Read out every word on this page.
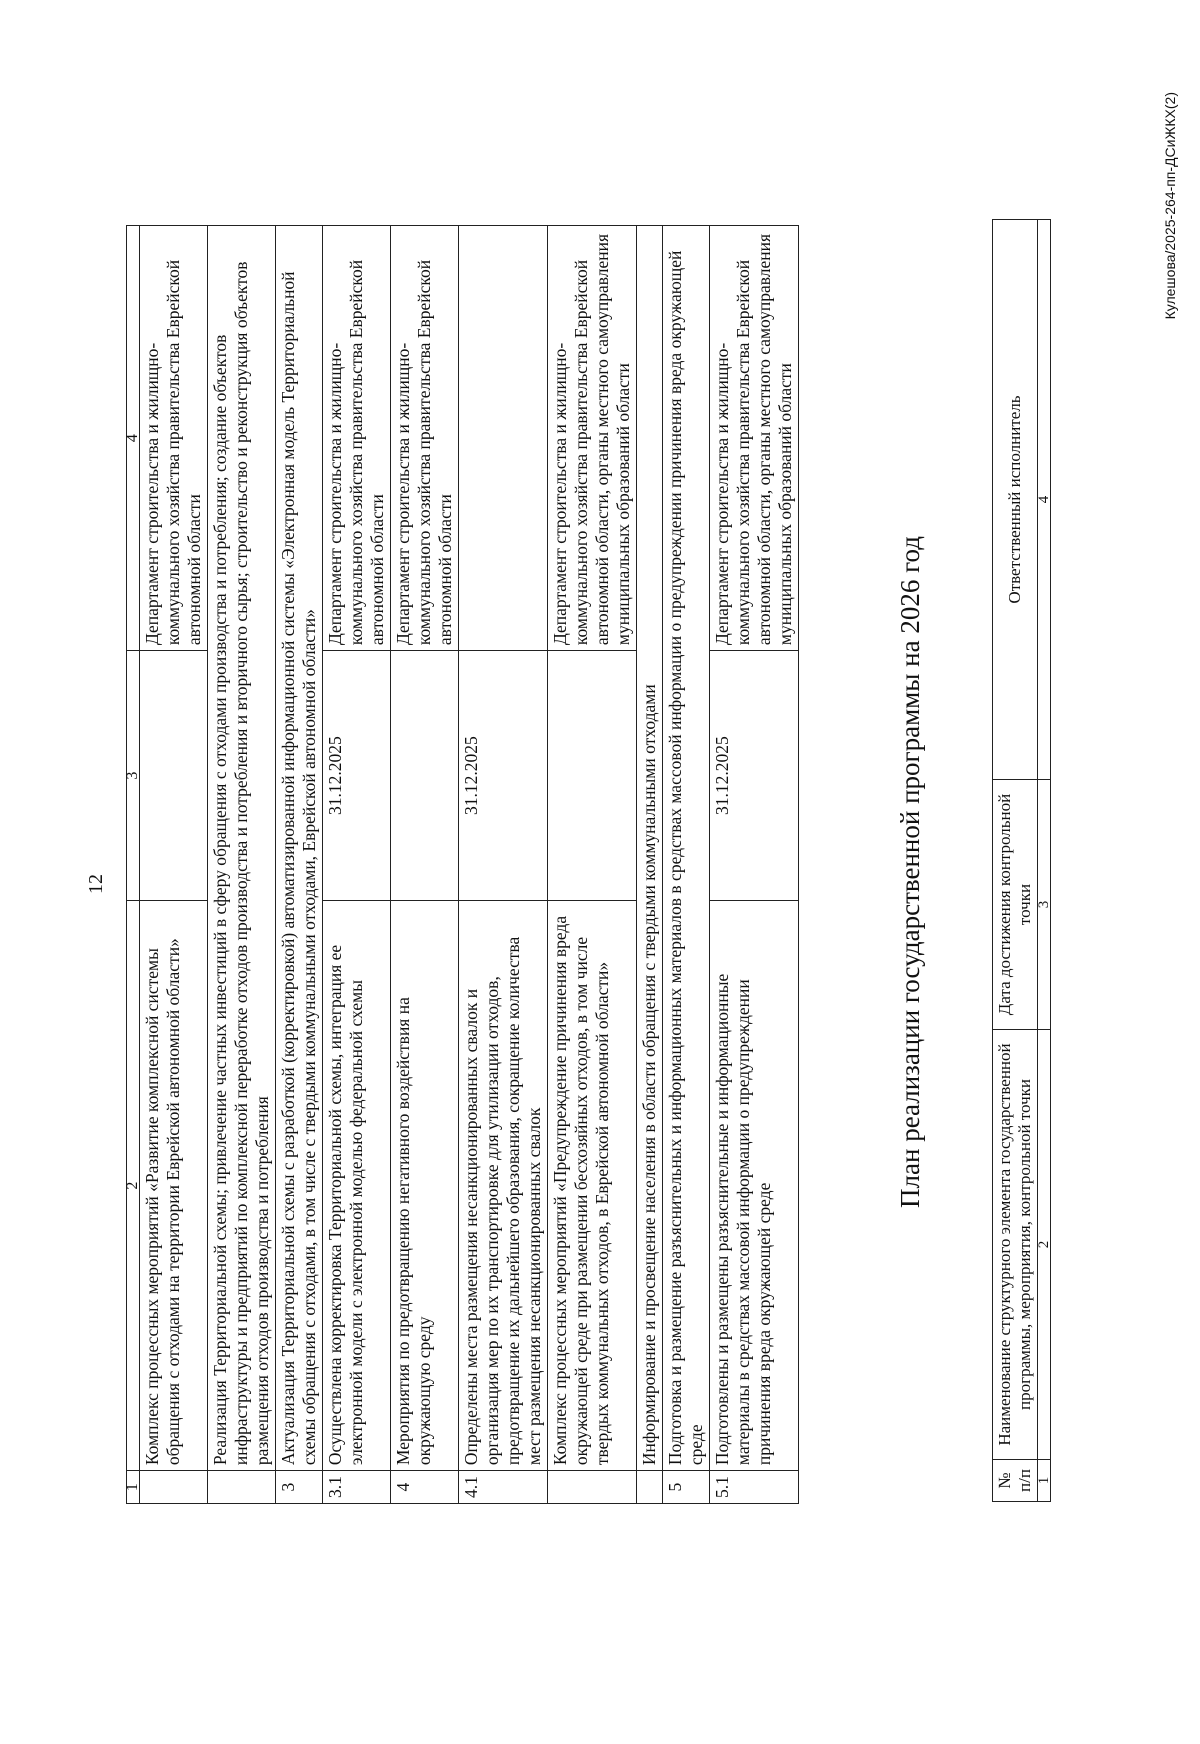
12
1	2	3	4
	Комплекс процессных мероприятий «Развитие комплексной системы обращения с отходами на территории Еврейской автономной области»		Департамент строительства и жилищно-коммунального хозяйства правительства Еврейской автономной области
	Реализация Территориальной схемы; привлечение частных инвестиций в сферу обращения с отходами производства и потребления; создание объектов инфраструктуры и предприятий по комплексной переработке отходов производства и потребления и вторичного сырья; строительство и реконструкция объектов размещения отходов производства и потребления		
3	Актуализация Территориальной схемы с разработкой (корректировкой) автоматизированной информационной системы «Электронная модель Территориальной схемы обращения с отходами, в том числе с твердыми коммунальными отходами, Еврейской автономной области»		
3.1	Осуществлена корректировка Территориальной схемы, интеграция ее электронной модели с электронной моделью федеральной схемы	31.12.2025	Департамент строительства и жилищно-коммунального хозяйства правительства Еврейской автономной области
4	Мероприятия по предотвращению негативного воздействия на окружающую среду		Департамент строительства и жилищно-коммунального хозяйства правительства Еврейской автономной области
4.1	Определены места размещения несанкционированных свалок и организация мер по их транспортировке для утилизации отходов, предотвращение их дальнейшего образования, сокращение количества мест размещения несанкционированных свалок	31.12.2025	
	Комплекс процессных мероприятий «Предупреждение причинения вреда окружающей среде при размещении бесхозяйных отходов, в том числе твердых коммунальных отходов, в Еврейской автономной области»		Департамент строительства и жилищно-коммунального хозяйства правительства Еврейской автономной области, органы местного самоуправления муниципальных образований области
	Информирование и просвещение населения в области обращения с твердыми коммунальными отходами		
5	Подготовка и размещение разъяснительных и информационных материалов в средствах массовой информации о предупреждении причинения вреда окружающей среде		
5.1	Подготовлены и размещены разъяснительные и информационные материалы в средствах массовой информации о предупреждении причинения вреда окружающей среде	31.12.2025	Департамент строительства и жилищно-коммунального хозяйства правительства Еврейской автономной области, органы местного самоуправления муниципальных образований области
План реализации государственной программы на 2026 год
№ п/п	Наименование структурного элемента государственной программы, мероприятия, контрольной точки	Дата достижения контрольной точки	Ответственный исполнитель
1	2	3	4
Кулешова/2025-264-пп-ДСиЖКХ(2)
